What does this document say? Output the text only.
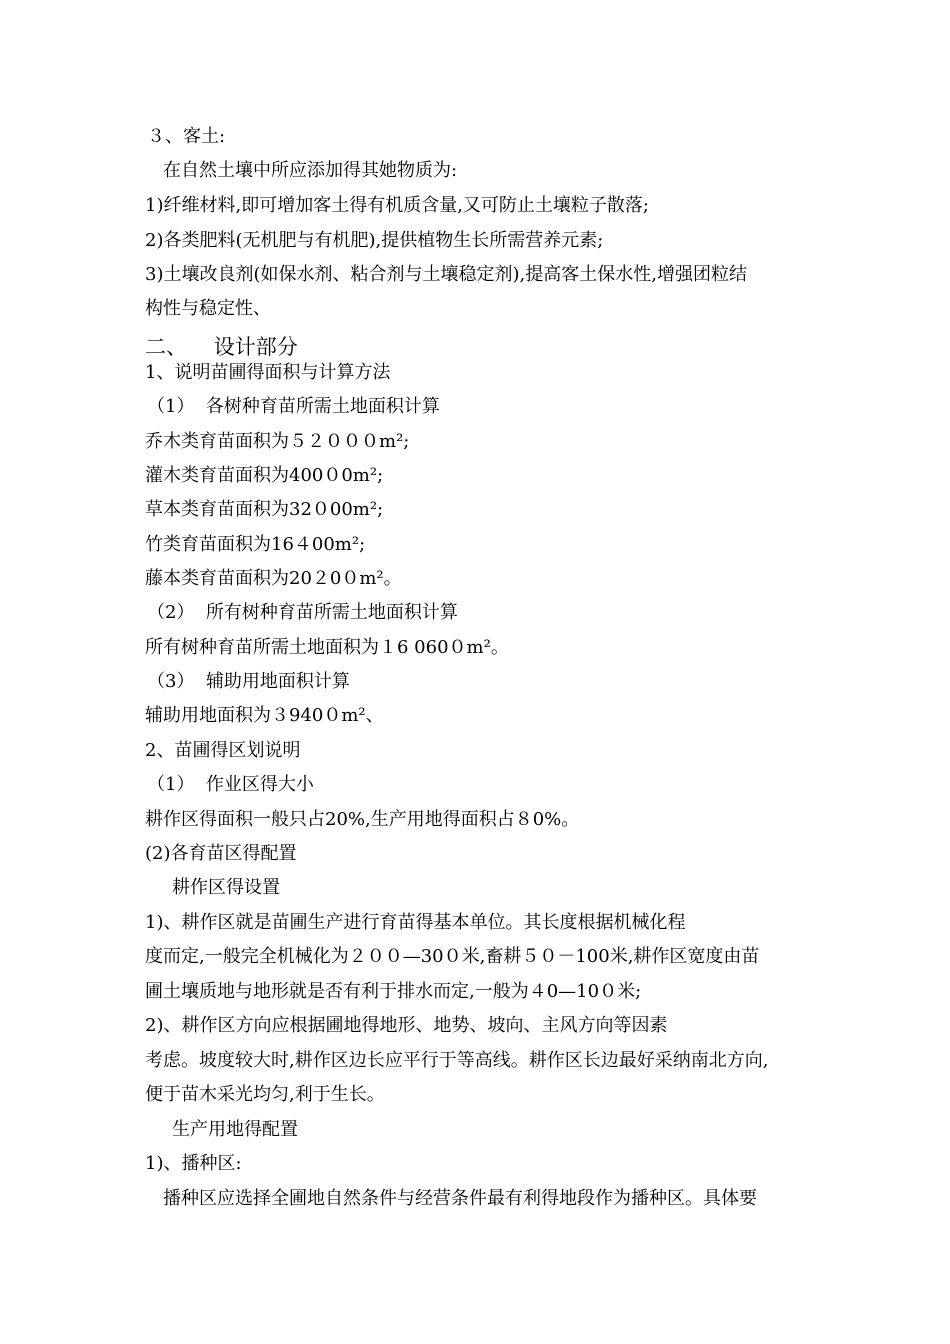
３、客土:

在自然土壤中所应添加得其她物质为:

1)纤维材料,即可增加客土得有机质含量,又可防止土壤粒子散落;

2)各类肥料(无机肥与有机肥),提供植物生长所需营养元素;

3)土壤改良剂(如保水剂、粘合剂与土壤稳定剂),提高客土保水性,增强团粒结

构性与稳定性、

二、    设计部分

1、说明苗圃得面积与计算方法

（1）  各树种育苗所需土地面积计算

乔木类育苗面积为５２０００m²;

灌木类育苗面积为400０0m²;

草本类育苗面积为32０00m²;

竹类育苗面积为16４00m²;

藤本类育苗面积为20２0０m²。

（2）  所有树种育苗所需土地面积计算

所有树种育苗所需土地面积为１6 060０m²。

（3）  辅助用地面积计算

辅助用地面积为３940０m²、

2、苗圃得区划说明

（1）  作业区得大小

耕作区得面积一般只占20%,生产用地得面积占８0%。

(2)各育苗区得配置

耕作区得设置

1)、耕作区就是苗圃生产进行育苗得基本单位。其长度根据机械化程

度而定,一般完全机械化为２００—30０米,畜耕５０－100米,耕作区宽度由苗

圃土壤质地与地形就是否有利于排水而定,一般为４0—10０米;

2)、耕作区方向应根据圃地得地形、地势、坡向、主风方向等因素

考虑。坡度较大时,耕作区边长应平行于等高线。耕作区长边最好采纳南北方向,

便于苗木采光均匀,利于生长。

生产用地得配置

1)、播种区:

播种区应选择全圃地自然条件与经营条件最有利得地段作为播种区。具体要
